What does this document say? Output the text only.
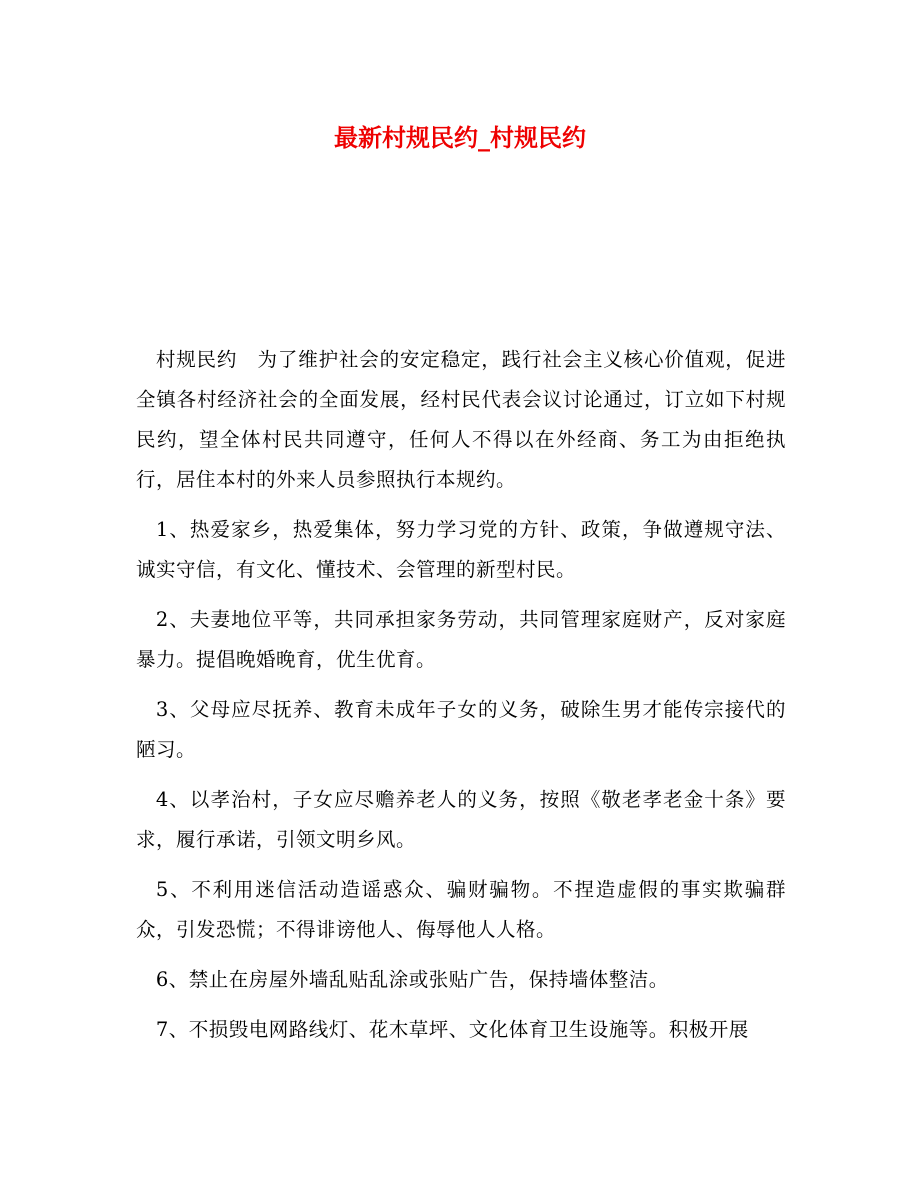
最新村规民约_村规民约

村规民约　为了维护社会的安定稳定，践行社会主义核心价值观，促进全镇各村经济社会的全面发展，经村民代表会议讨论通过，订立如下村规民约，望全体村民共同遵守，任何人不得以在外经商、务工为由拒绝执行，居住本村的外来人员参照执行本规约。

1、热爱家乡，热爱集体，努力学习党的方针、政策，争做遵规守法、诚实守信，有文化、懂技术、会管理的新型村民。

2、夫妻地位平等，共同承担家务劳动，共同管理家庭财产，反对家庭暴力。提倡晚婚晚育，优生优育。

3、父母应尽抚养、教育未成年子女的义务，破除生男才能传宗接代的陋习。

4、以孝治村，子女应尽赡养老人的义务，按照《敬老孝老金十条》要求，履行承诺，引领文明乡风。

5、不利用迷信活动造谣惑众、骗财骗物。不捏造虚假的事实欺骗群众，引发恐慌；不得诽谤他人、侮辱他人人格。

6、禁止在房屋外墙乱贴乱涂或张贴广告，保持墙体整洁。

7、不损毁电网路线灯、花木草坪、文化体育卫生设施等。积极开展
